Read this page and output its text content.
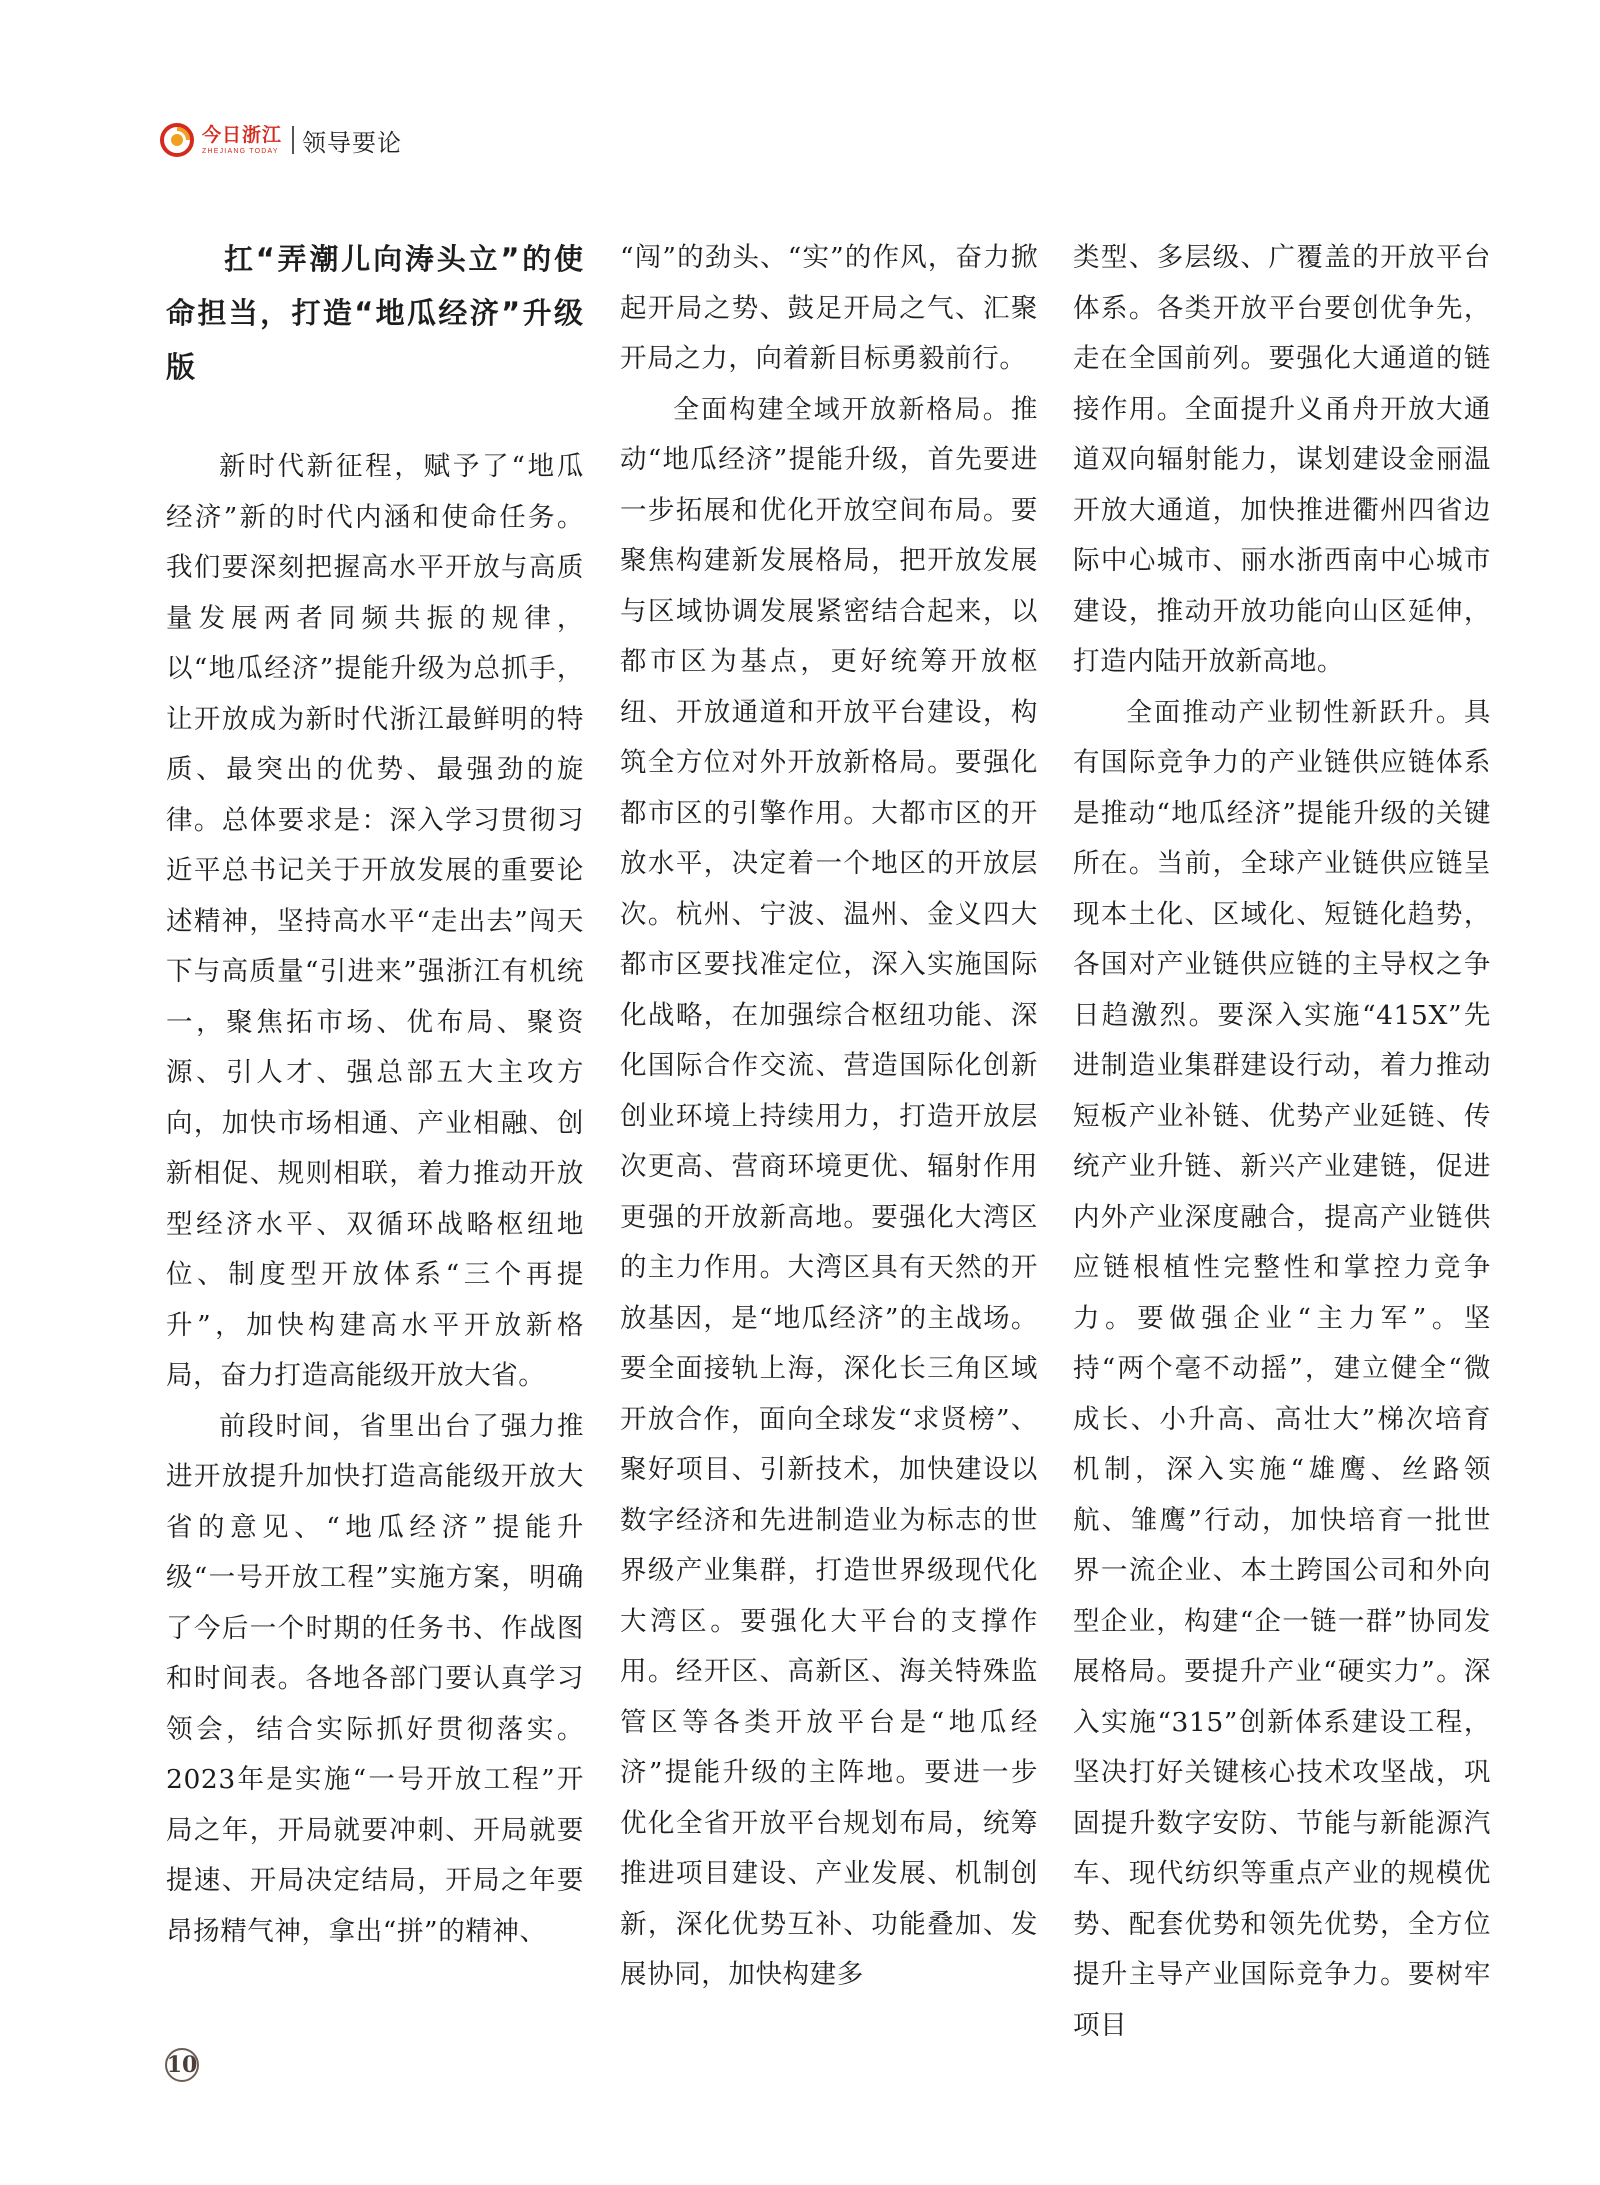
今日浙江
ZHEJIANG TODAY 领导要论

扛“弄潮儿向涛头立”的使命担当，打造“地瓜经济”升级版

新时代新征程，赋予了“地瓜经济”新的时代内涵和使命任务。我们要深刻把握高水平开放与高质量发展两者同频共振的规律，以“地瓜经济”提能升级为总抓手，让开放成为新时代浙江最鲜明的特质、最突出的优势、最强劲的旋律。总体要求是：深入学习贯彻习近平总书记关于开放发展的重要论述精神，坚持高水平“走出去”闯天下与高质量“引进来”强浙江有机统一，聚焦拓市场、优布局、聚资源、引人才、强总部五大主攻方向，加快市场相通、产业相融、创新相促、规则相联，着力推动开放型经济水平、双循环战略枢纽地位、制度型开放体系“三个再提升”，加快构建高水平开放新格局，奋力打造高能级开放大省。

前段时间，省里出台了强力推进开放提升加快打造高能级开放大省的意见、“地瓜经济”提能升级“一号开放工程”实施方案，明确了今后一个时期的任务书、作战图和时间表。各地各部门要认真学习领会，结合实际抓好贯彻落实。2023年是实施“一号开放工程”开局之年，开局就要冲刺、开局就要提速、开局决定结局，开局之年要昂扬精气神，拿出“拼”的精神、

“闯”的劲头、“实”的作风，奋力掀起开局之势、鼓足开局之气、汇聚开局之力，向着新目标勇毅前行。

全面构建全域开放新格局。推动“地瓜经济”提能升级，首先要进一步拓展和优化开放空间布局。要聚焦构建新发展格局，把开放发展与区域协调发展紧密结合起来，以都市区为基点，更好统筹开放枢纽、开放通道和开放平台建设，构筑全方位对外开放新格局。要强化都市区的引擎作用。大都市区的开放水平，决定着一个地区的开放层次。杭州、宁波、温州、金义四大都市区要找准定位，深入实施国际化战略，在加强综合枢纽功能、深化国际合作交流、营造国际化创新创业环境上持续用力，打造开放层次更高、营商环境更优、辐射作用更强的开放新高地。要强化大湾区的主力作用。大湾区具有天然的开放基因，是“地瓜经济”的主战场。要全面接轨上海，深化长三角区域开放合作，面向全球发“求贤榜”、聚好项目、引新技术，加快建设以数字经济和先进制造业为标志的世界级产业集群，打造世界级现代化大湾区。要强化大平台的支撑作用。经开区、高新区、海关特殊监管区等各类开放平台是“地瓜经济”提能升级的主阵地。要进一步优化全省开放平台规划布局，统筹推进项目建设、产业发展、机制创新，深化优势互补、功能叠加、发展协同，加快构建多

类型、多层级、广覆盖的开放平台体系。各类开放平台要创优争先，走在全国前列。要强化大通道的链接作用。全面提升义甬舟开放大通道双向辐射能力，谋划建设金丽温开放大通道，加快推进衢州四省边际中心城市、丽水浙西南中心城市建设，推动开放功能向山区延伸，打造内陆开放新高地。

全面推动产业韧性新跃升。具有国际竞争力的产业链供应链体系是推动“地瓜经济”提能升级的关键所在。当前，全球产业链供应链呈现本土化、区域化、短链化趋势，各国对产业链供应链的主导权之争日趋激烈。要深入实施“415X”先进制造业集群建设行动，着力推动短板产业补链、优势产业延链、传统产业升链、新兴产业建链，促进内外产业深度融合，提高产业链供应链根植性完整性和掌控力竞争力。要做强企业“主力军”。坚持“两个毫不动摇”，建立健全“微成长、小升高、高壮大”梯次培育机制，深入实施“雄鹰、丝路领航、雏鹰”行动，加快培育一批世界一流企业、本土跨国公司和外向型企业，构建“企一链一群”协同发展格局。要提升产业“硬实力”。深入实施“315”创新体系建设工程，坚决打好关键核心技术攻坚战，巩固提升数字安防、节能与新能源汽车、现代纺织等重点产业的规模优势、配套优势和领先优势，全方位提升主导产业国际竞争力。要树牢项目

10
